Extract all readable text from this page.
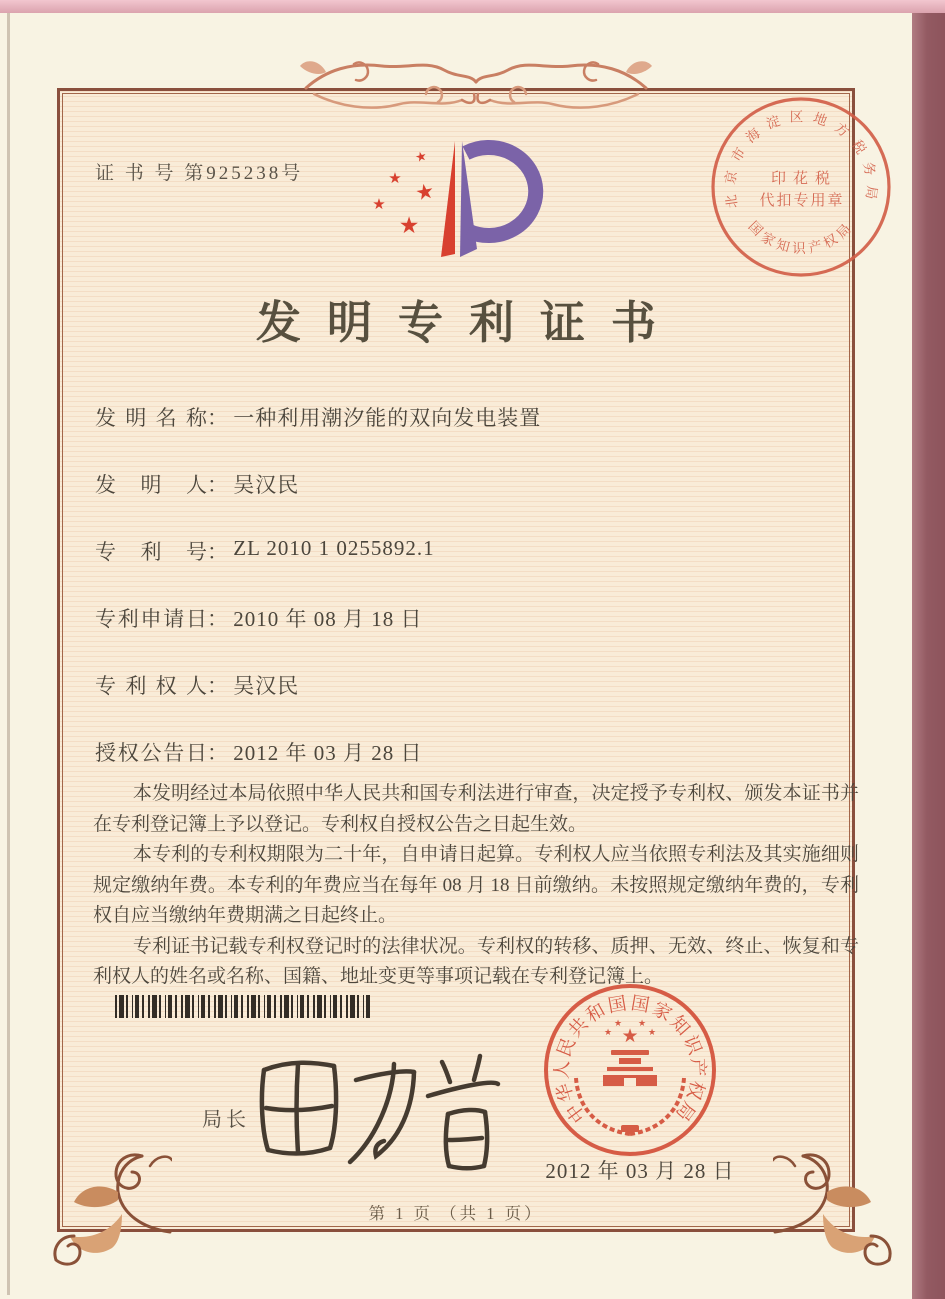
证 书 号 第925238号
★
★ ★
★
★
北京市海淀区地方税务局
国家知识产权局
印花税
代扣专用章
发明专利证书
发明名称： 一种利用潮汐能的双向发电装置
发明人： 吴汉民
专利号： ZL 2010 1 0255892.1
专利申请日： 2010 年 08 月 18 日
专利权人： 吴汉民
授权公告日： 2012 年 03 月 28 日

本发明经过本局依照中华人民共和国专利法进行审查，决定授予专利权、颁发本证书并在专利登记簿上予以登记。专利权自授权公告之日起生效。

本专利的专利权期限为二十年，自申请日起算。专利权人应当依照专利法及其实施细则规定缴纳年费。本专利的年费应当在每年 08 月 18 日前缴纳。未按照规定缴纳年费的，专利权自应当缴纳年费期满之日起终止。

专利证书记载专利权登记时的法律状况。专利权的转移、质押、无效、终止、恢复和专利权人的姓名或名称、国籍、地址变更等事项记载在专利登记簿上。

局长	中华人民共和国国家知识产权局
★
★
★ ★
★
2012 年 03 月 28 日
第 1 页 （共 1 页）
